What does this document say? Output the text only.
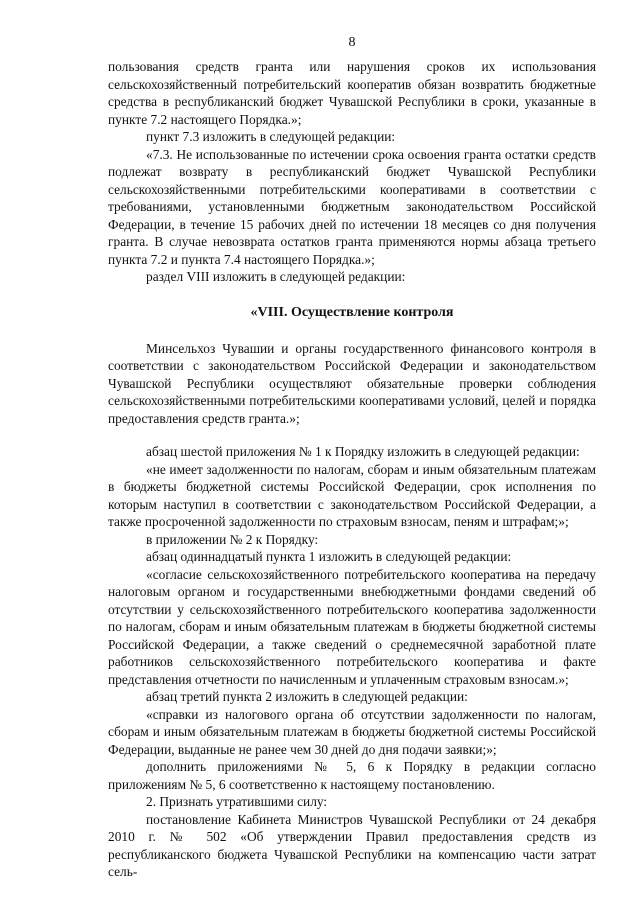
8

пользования средств гранта или нарушения сроков их использования сельскохозяйственный потребительский кооператив обязан возвратить бюджетные средства в республиканский бюджет Чувашской Республики в сроки, указанные в пункте 7.2 настоящего Порядка.»;

пункт 7.3 изложить в следующей редакции:

«7.3. Не использованные по истечении срока освоения гранта остатки средств подлежат возврату в республиканский бюджет Чувашской Республики сельскохозяйственными потребительскими кооперативами в соответствии с требованиями, установленными бюджетным законодательством Российской Федерации, в течение 15 рабочих дней по истечении 18 месяцев со дня получения гранта. В случае невозврата остатков гранта применяются нормы абзаца третьего пункта 7.2 и пункта 7.4 настоящего Порядка.»;

раздел VIII изложить в следующей редакции:

«VIII. Осуществление контроля

Минсельхоз Чувашии и органы государственного финансового контроля в соответствии с законодательством Российской Федерации и законодательством Чувашской Республики осуществляют обязательные проверки соблюдения сельскохозяйственными потребительскими кооперативами условий, целей и порядка предоставления средств гранта.»;

абзац шестой приложения № 1 к Порядку изложить в следующей редакции:

«не имеет задолженности по налогам, сборам и иным обязательным платежам в бюджеты бюджетной системы Российской Федерации, срок исполнения по которым наступил в соответствии с законодательством Российской Федерации, а также просроченной задолженности по страховым взносам, пеням и штрафам;»;

в приложении № 2 к Порядку:

абзац одиннадцатый пункта 1 изложить в следующей редакции:

«согласие сельскохозяйственного потребительского кооператива на передачу налоговым органом и государственными внебюджетными фондами сведений об отсутствии у сельскохозяйственного потребительского кооператива задолженности по налогам, сборам и иным обязательным платежам в бюджеты бюджетной системы Российской Федерации, а также сведений о среднемесячной заработной плате работников сельскохозяйственного потребительского кооператива и факте представления отчетности по начисленным и уплаченным страховым взносам.»;

абзац третий пункта 2 изложить в следующей редакции:

«справки из налогового органа об отсутствии задолженности по налогам, сборам и иным обязательным платежам в бюджеты бюджетной системы Российской Федерации, выданные не ранее чем 30 дней до дня подачи заявки;»;

дополнить приложениями № 5, 6 к Порядку в редакции согласно приложениям № 5, 6 соответственно к настоящему постановлению.

2. Признать утратившими силу:

постановление Кабинета Министров Чувашской Республики от 24 декабря 2010 г. № 502 «Об утверждении Правил предоставления средств из республиканского бюджета Чувашской Республики на компенсацию части затрат сель-
